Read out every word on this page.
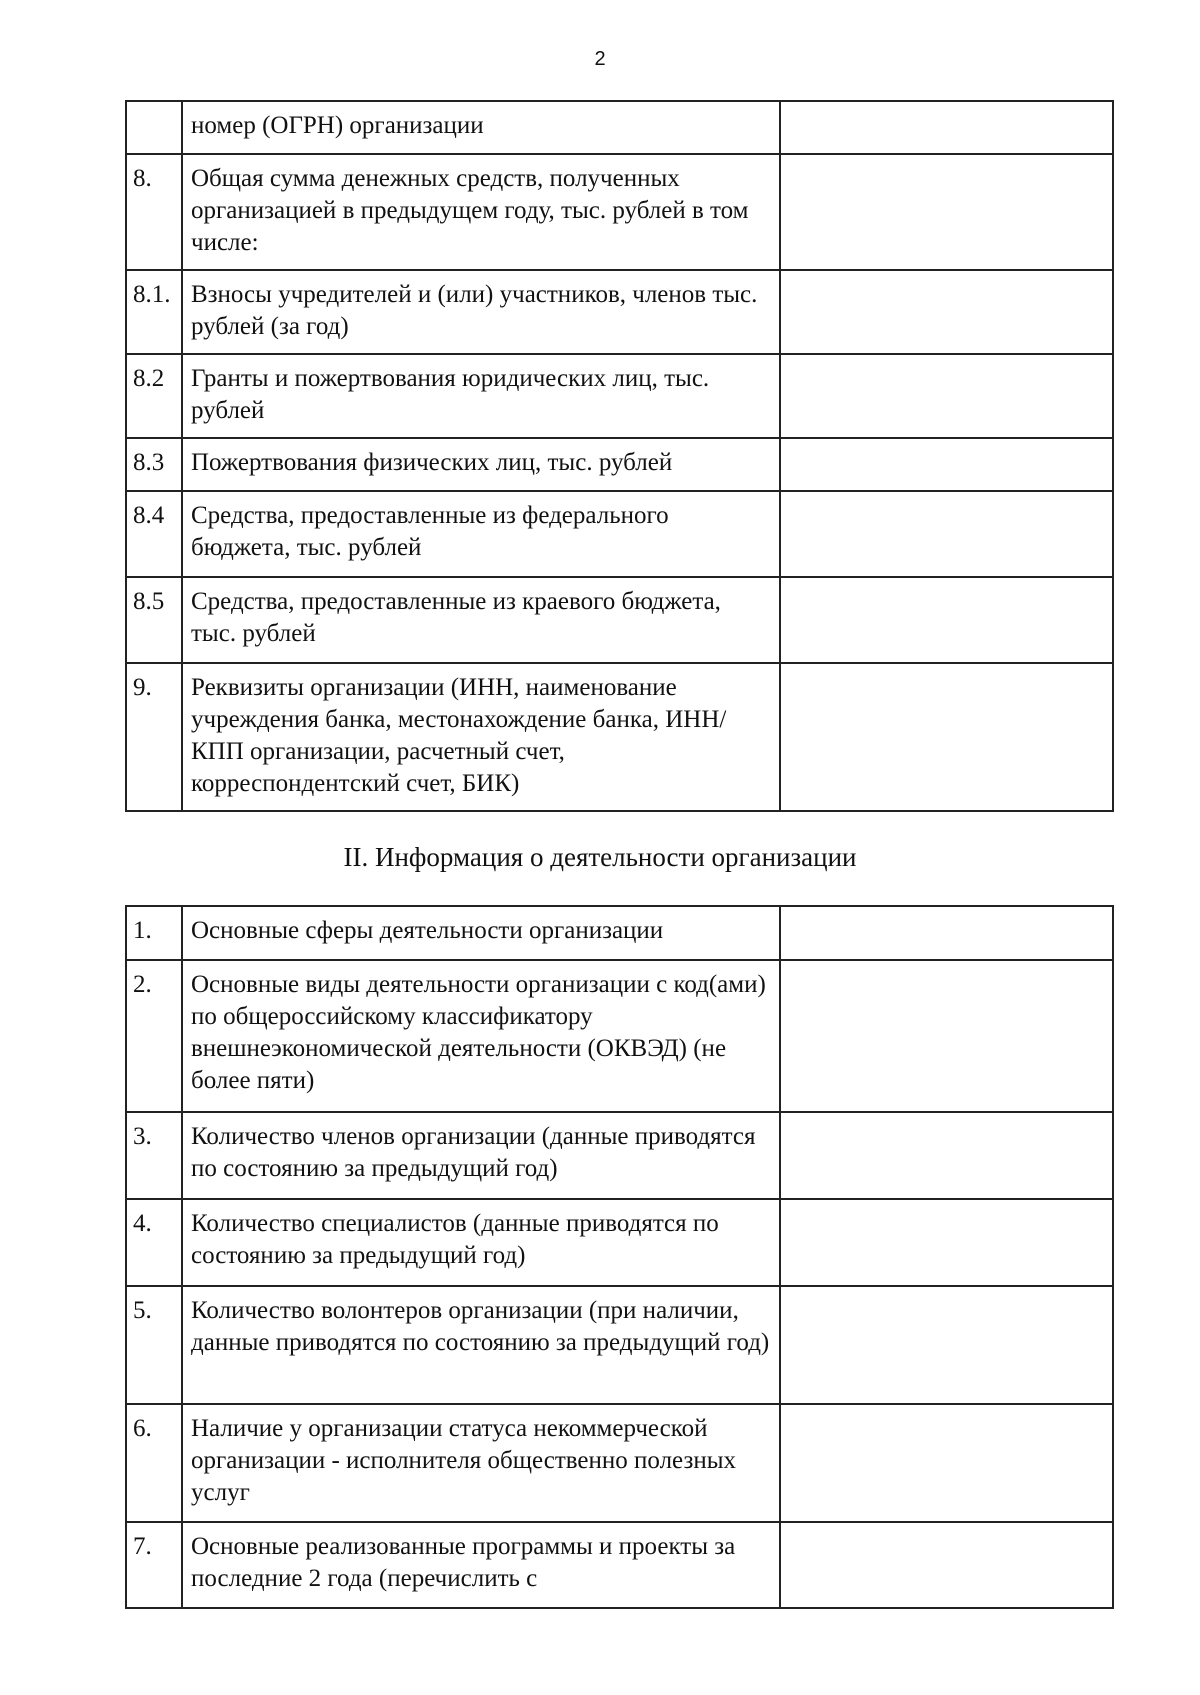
2
	номер (ОГРН) организации	
8.	Общая сумма денежных средств, полученных организацией в предыдущем году, тыс. рублей в том числе:	
8.1.	Взносы учредителей и (или) участников, членов тыс. рублей (за год)	
8.2	Гранты и пожертвования юридических лиц, тыс. рублей	
8.3	Пожертвования физических лиц, тыс. рублей	
8.4	Средства, предоставленные из федерального бюджета, тыс. рублей	
8.5	Средства, предоставленные из краевого бюджета, тыс. рублей	
9.	Реквизиты организации (ИНН, наименование учреждения банка, местонахождение банка, ИНН/КПП организации, расчетный счет, корреспондентский счет, БИК)	
II. Информация о деятельности организации
1.	Основные сферы деятельности организации	
2.	Основные виды деятельности организации с код(ами) по общероссийскому классификатору внешнеэкономической деятельности (ОКВЭД) (не более пяти)	
3.	Количество членов организации (данные приводятся по состоянию за предыдущий год)	
4.	Количество специалистов (данные приводятся по состоянию за предыдущий год)	
5.	Количество волонтеров организации (при наличии, данные приводятся по состоянию за предыдущий год)	
6.	Наличие у организации статуса некоммерческой организации - исполнителя общественно полезных услуг	
7.	Основные реализованные программы и проекты за последние 2 года (перечислить с	
